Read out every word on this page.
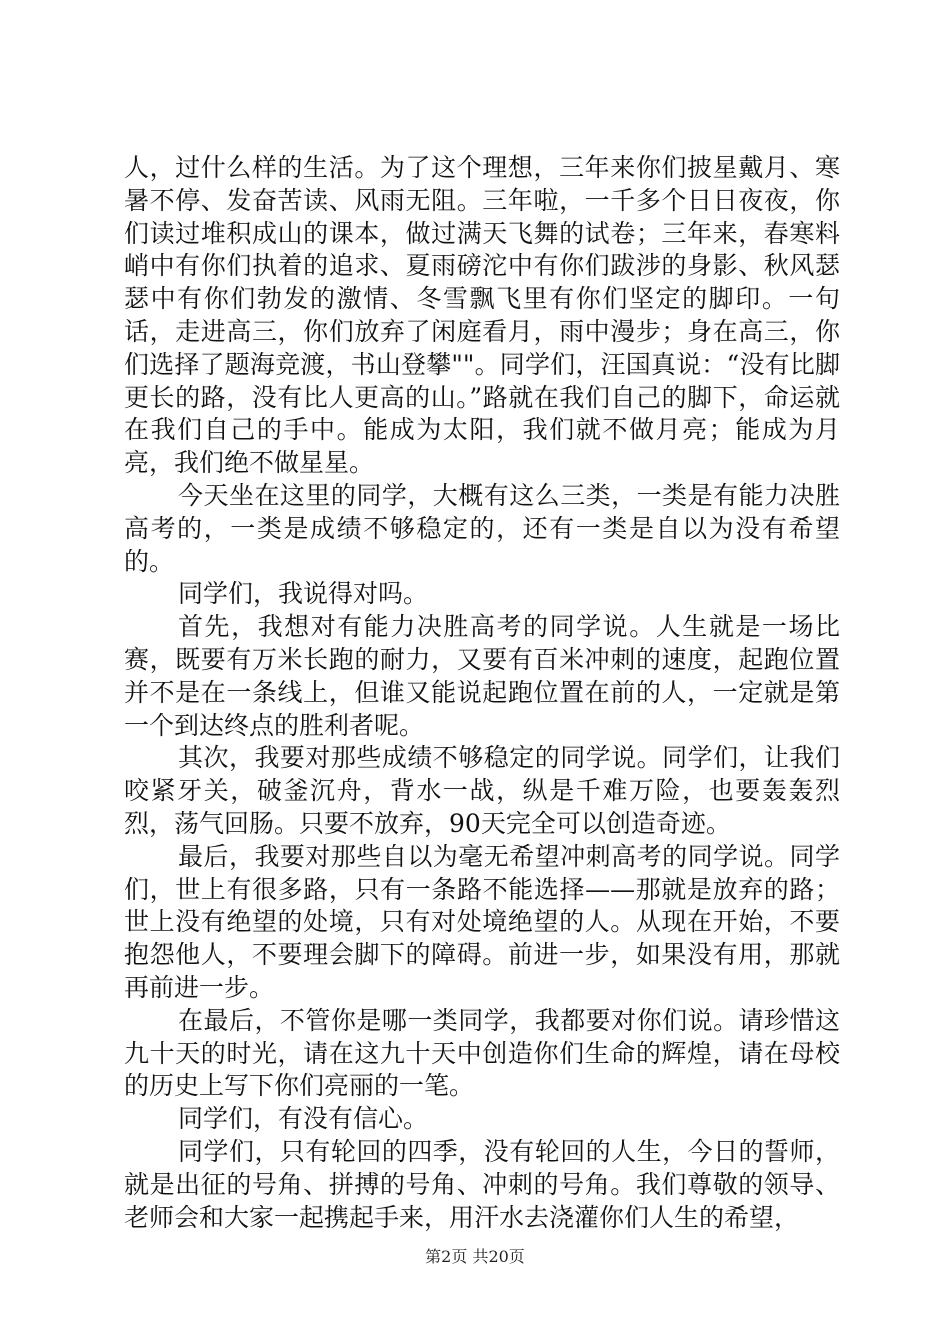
人，过什么样的生活。为了这个理想，三年来你们披星戴月、寒暑不停、发奋苦读、风雨无阻。三年啦，一千多个日日夜夜，你们读过堆积成山的课本，做过满天飞舞的试卷；三年来，春寒料峭中有你们执着的追求、夏雨磅沱中有你们跋涉的身影、秋风瑟瑟中有你们勃发的激情、冬雪飘飞里有你们坚定的脚印。一句话，走进高三，你们放弃了闲庭看月，雨中漫步；身在高三，你们选择了题海竞渡，书山登攀""。同学们，汪国真说：“没有比脚更长的路，没有比人更高的山。”路就在我们自己的脚下，命运就在我们自己的手中。能成为太阳，我们就不做月亮；能成为月亮，我们绝不做星星。

今天坐在这里的同学，大概有这么三类，一类是有能力决胜高考的，一类是成绩不够稳定的，还有一类是自以为没有希望的。

同学们，我说得对吗。

首先，我想对有能力决胜高考的同学说。人生就是一场比赛，既要有万米长跑的耐力，又要有百米冲刺的速度，起跑位置并不是在一条线上，但谁又能说起跑位置在前的人，一定就是第一个到达终点的胜利者呢。

其次，我要对那些成绩不够稳定的同学说。同学们，让我们咬紧牙关，破釜沉舟，背水一战，纵是千难万险，也要轰轰烈烈，荡气回肠。只要不放弃，90天完全可以创造奇迹。

最后，我要对那些自以为毫无希望冲刺高考的同学说。同学们，世上有很多路，只有一条路不能选择——那就是放弃的路；世上没有绝望的处境，只有对处境绝望的人。从现在开始，不要抱怨他人，不要理会脚下的障碍。前进一步，如果没有用，那就再前进一步。

在最后，不管你是哪一类同学，我都要对你们说。请珍惜这九十天的时光，请在这九十天中创造你们生命的辉煌，请在母校的历史上写下你们亮丽的一笔。

同学们，有没有信心。

同学们，只有轮回的四季，没有轮回的人生，今日的誓师，就是出征的号角、拼搏的号角、冲刺的号角。我们尊敬的领导、老师会和大家一起携起手来，用汗水去浇灌你们人生的希望，

第2页 共20页
